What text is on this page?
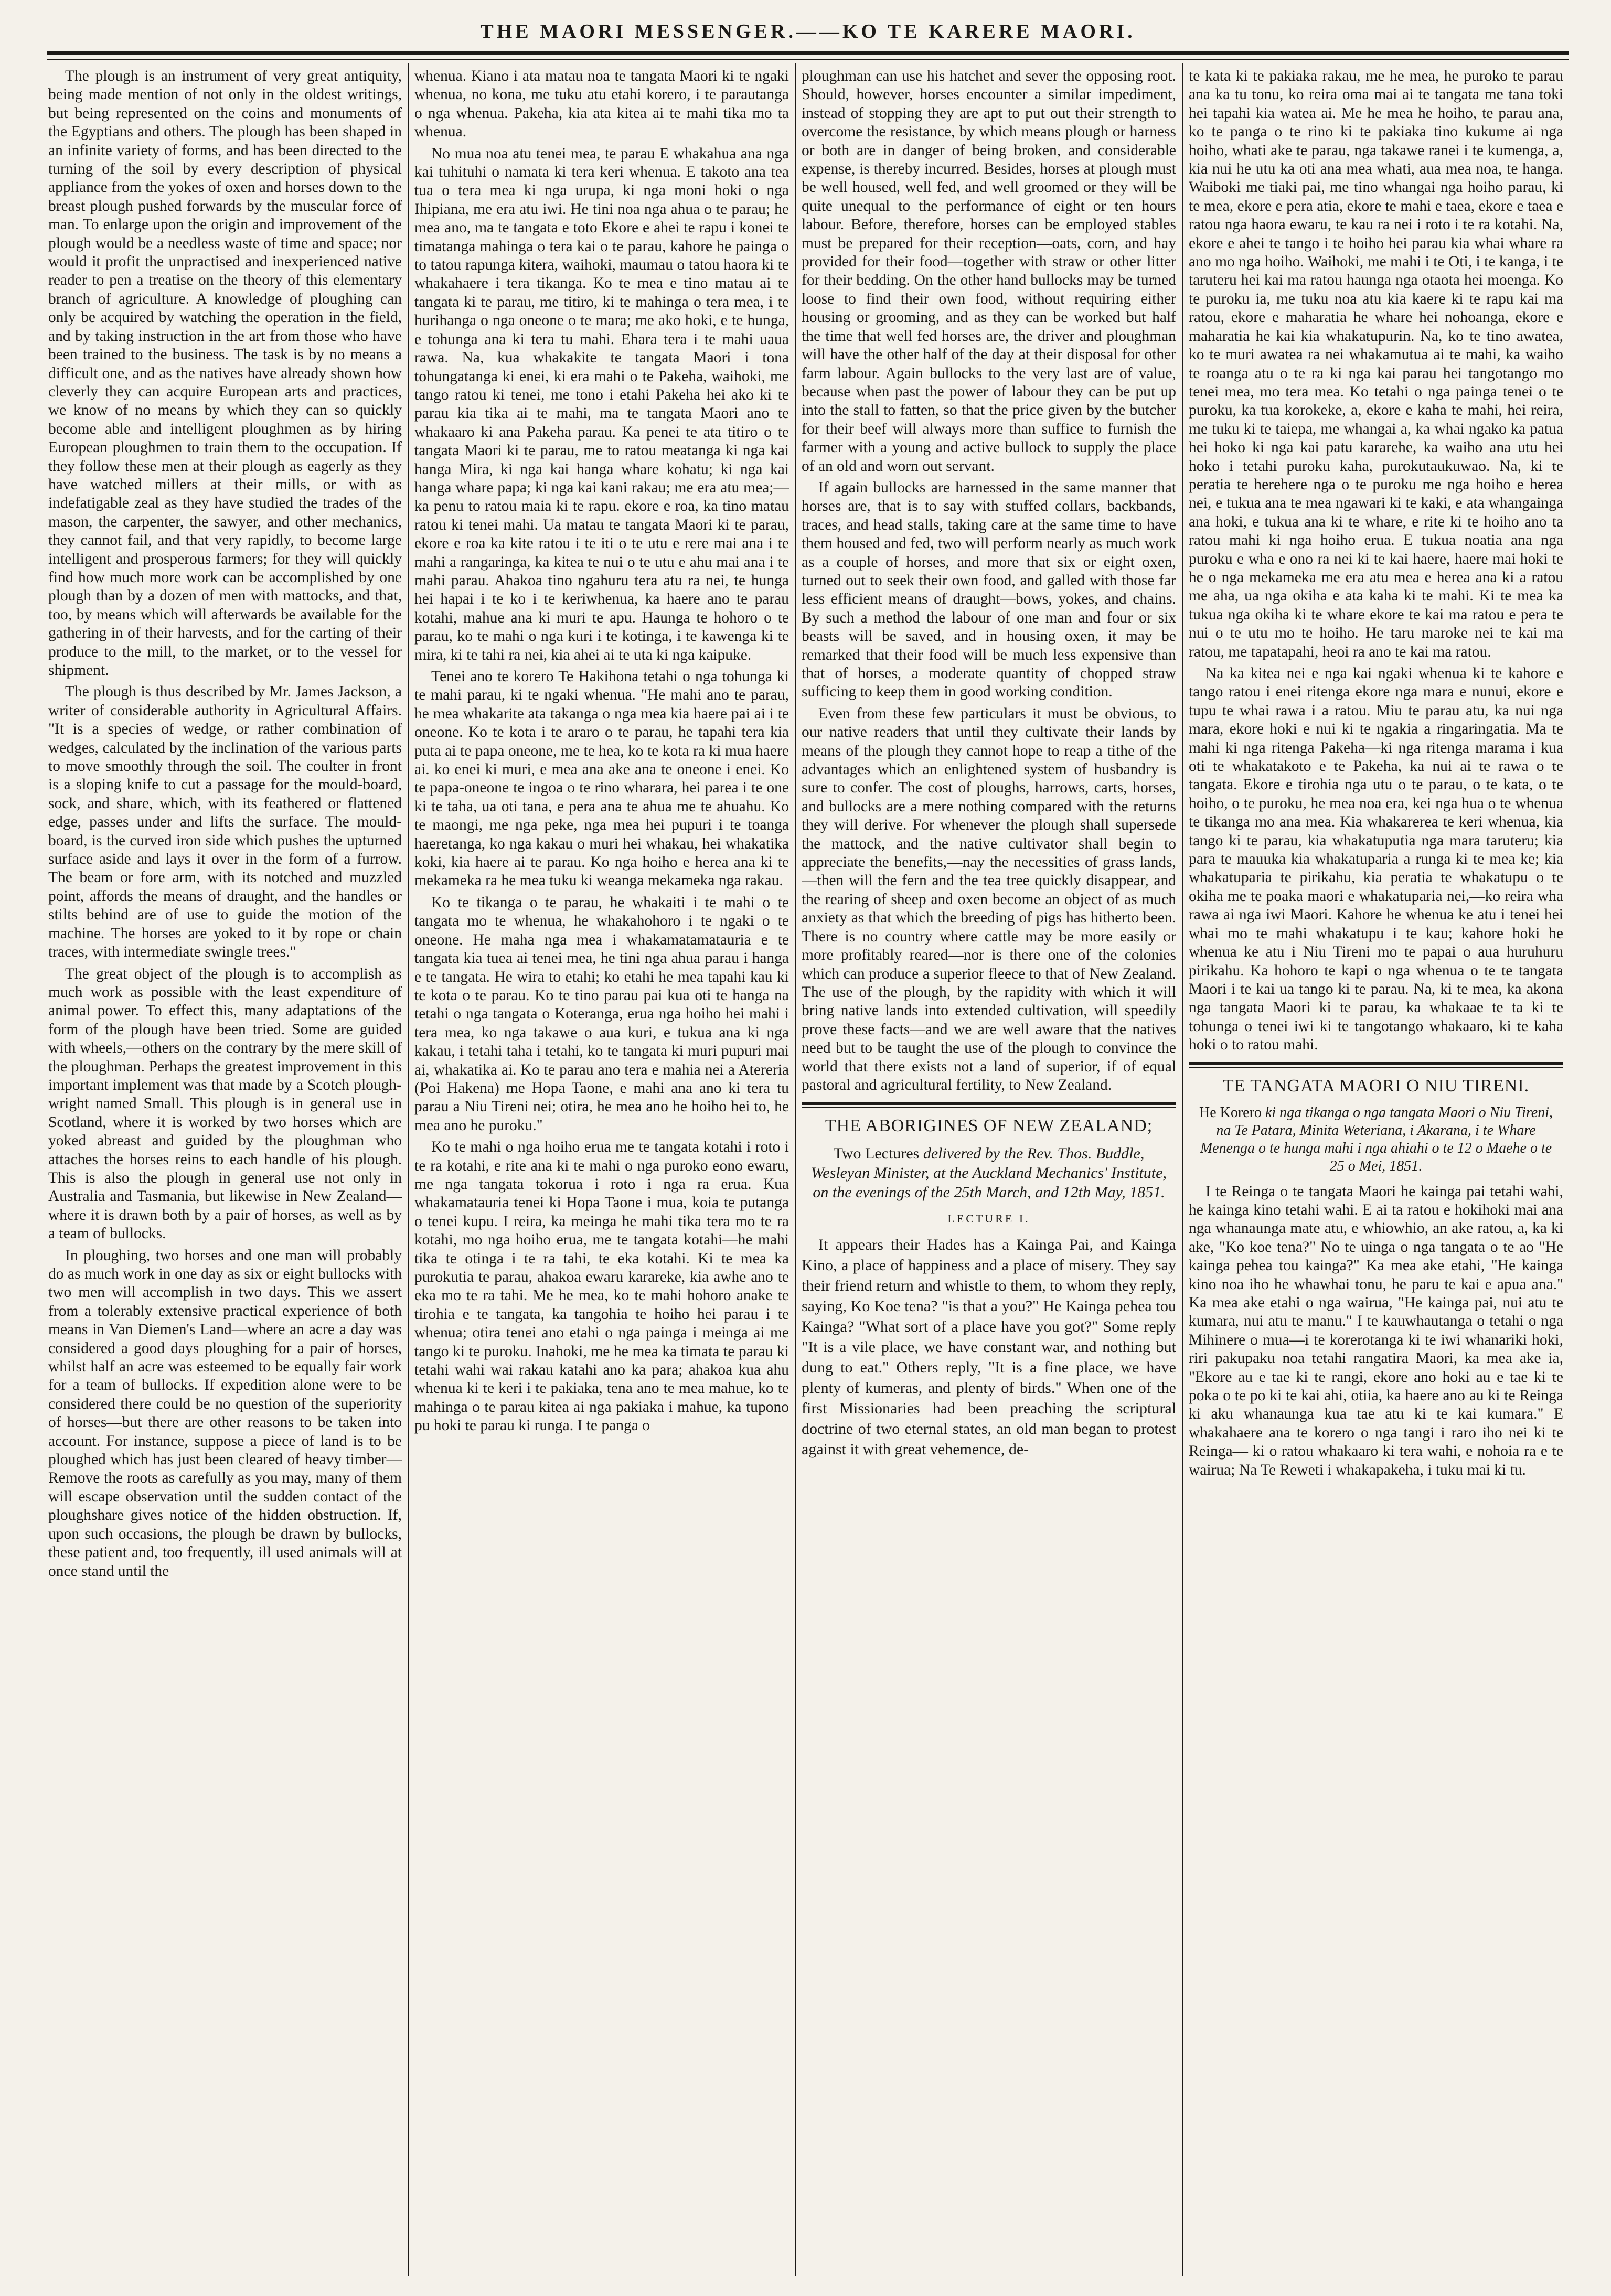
THE MAORI MESSENGER.——KO TE KARERE MAORI.

The plough is an instrument of very great antiquity, being made mention of not only in the oldest writings, but being represented on the coins and monuments of the Egyptians and others. The plough has been shaped in an infinite variety of forms, and has been directed to the turning of the soil by every description of physical appliance from the yokes of oxen and horses down to the breast plough pushed forwards by the muscular force of man. To enlarge upon the origin and improvement of the plough would be a needless waste of time and space; nor would it profit the unpractised and inexperienced native reader to pen a treatise on the theory of this elementary branch of agriculture. A knowledge of ploughing can only be acquired by watching the operation in the field, and by taking instruction in the art from those who have been trained to the business. The task is by no means a difficult one, and as the natives have already shown how cleverly they can acquire European arts and practices, we know of no means by which they can so quickly become able and intelligent ploughmen as by hiring European ploughmen to train them to the occupation. If they follow these men at their plough as eagerly as they have watched millers at their mills, or with as indefatigable zeal as they have studied the trades of the mason, the carpenter, the sawyer, and other mechanics, they cannot fail, and that very rapidly, to become large intelligent and prosperous farmers; for they will quickly find how much more work can be accomplished by one plough than by a dozen of men with mattocks, and that, too, by means which will afterwards be available for the gathering in of their harvests, and for the carting of their produce to the mill, to the market, or to the vessel for shipment.

The plough is thus described by Mr. James Jackson, a writer of considerable authority in Agricultural Affairs. "It is a species of wedge, or rather combination of wedges, calculated by the inclination of the various parts to move smoothly through the soil. The coulter in front is a sloping knife to cut a passage for the mould-board, sock, and share, which, with its feathered or flattened edge, passes under and lifts the surface. The mould-board, is the curved iron side which pushes the upturned surface aside and lays it over in the form of a furrow. The beam or fore arm, with its notched and muzzled point, affords the means of draught, and the handles or stilts behind are of use to guide the motion of the machine. The horses are yoked to it by rope or chain traces, with intermediate swingle trees."

The great object of the plough is to accomplish as much work as possible with the least expenditure of animal power. To effect this, many adaptations of the form of the plough have been tried. Some are guided with wheels,—others on the contrary by the mere skill of the ploughman. Perhaps the greatest improvement in this important implement was that made by a Scotch plough-wright named Small. This plough is in general use in Scotland, where it is worked by two horses which are yoked abreast and guided by the ploughman who attaches the horses reins to each handle of his plough. This is also the plough in general use not only in Australia and Tasmania, but likewise in New Zealand—where it is drawn both by a pair of horses, as well as by a team of bullocks.

In ploughing, two horses and one man will probably do as much work in one day as six or eight bullocks with two men will accomplish in two days. This we assert from a tolerably extensive practical experience of both means in Van Diemen's Land—where an acre a day was considered a good days ploughing for a pair of horses, whilst half an acre was esteemed to be equally fair work for a team of bullocks. If expedition alone were to be considered there could be no question of the superiority of horses—but there are other reasons to be taken into account. For instance, suppose a piece of land is to be ploughed which has just been cleared of heavy timber—Remove the roots as carefully as you may, many of them will escape observation until the sudden contact of the ploughshare gives notice of the hidden obstruction. If, upon such occasions, the plough be drawn by bullocks, these patient and, too frequently, ill used animals will at once stand until the

whenua. Kiano i ata matau noa te tangata Maori ki te ngaki whenua, no kona, me tuku atu etahi korero, i te parautanga o nga whenua. Pakeha, kia ata kitea ai te mahi tika mo ta whenua.

No mua noa atu tenei mea, te parau E whakahua ana nga kai tuhituhi o namata ki tera keri whenua. E takoto ana tea tua o tera mea ki nga urupa, ki nga moni hoki o nga Ihipiana, me era atu iwi. He tini noa nga ahua o te parau; he mea ano, ma te tangata e toto Ekore e ahei te rapu i konei te timatanga mahinga o tera kai o te parau, kahore he painga o to tatou rapunga kitera, waihoki, maumau o tatou haora ki te whakahaere i tera tikanga. Ko te mea e tino matau ai te tangata ki te parau, me titiro, ki te mahinga o tera mea, i te hurihanga o nga oneone o te mara; me ako hoki, e te hunga, e tohunga ana ki tera tu mahi. Ehara tera i te mahi uaua rawa. Na, kua whakakite te tangata Maori i tona tohungatanga ki enei, ki era mahi o te Pakeha, waihoki, me tango ratou ki tenei, me tono i etahi Pakeha hei ako ki te parau kia tika ai te mahi, ma te tangata Maori ano te whakaaro ki ana Pakeha parau. Ka penei te ata titiro o te tangata Maori ki te parau, me to ratou meatanga ki nga kai hanga Mira, ki nga kai hanga whare kohatu; ki nga kai hanga whare papa; ki nga kai kani rakau; me era atu mea;—ka penu to ratou maia ki te rapu. ekore e roa, ka tino matau ratou ki tenei mahi. Ua matau te tangata Maori ki te parau, ekore e roa ka kite ratou i te iti o te utu e rere mai ana i te mahi a rangaringa, ka kitea te nui o te utu e ahu mai ana i te mahi parau. Ahakoa tino ngahuru tera atu ra nei, te hunga hei hapai i te ko i te keriwhenua, ka haere ano te parau kotahi, mahue ana ki muri te apu. Haunga te hohoro o te parau, ko te mahi o nga kuri i te kotinga, i te kawenga ki te mira, ki te tahi ra nei, kia ahei ai te uta ki nga kaipuke.

Tenei ano te korero Te Hakihona tetahi o nga tohunga ki te mahi parau, ki te ngaki whenua. "He mahi ano te parau, he mea whakarite ata takanga o nga mea kia haere pai ai i te oneone. Ko te kota i te araro o te parau, he tapahi tera kia puta ai te papa oneone, me te hea, ko te kota ra ki mua haere ai. ko enei ki muri, e mea ana ake ana te oneone i enei. Ko te papa-oneone te ingoa o te rino wharara, hei parea i te one ki te taha, ua oti tana, e pera ana te ahua me te ahuahu. Ko te maongi, me nga peke, nga mea hei pupuri i te toanga haeretanga, ko nga kakau o muri hei whakau, hei whakatika koki, kia haere ai te parau. Ko nga hoiho e herea ana ki te mekameka ra he mea tuku ki weanga mekameka nga rakau.

Ko te tikanga o te parau, he whakaiti i te mahi o te tangata mo te whenua, he whakahohoro i te ngaki o te oneone. He maha nga mea i whakamatamatauria e te tangata kia tuea ai tenei mea, he tini nga ahua parau i hanga e te tangata. He wira to etahi; ko etahi he mea tapahi kau ki te kota o te parau. Ko te tino parau pai kua oti te hanga na tetahi o nga tangata o Koteranga, erua nga hoiho hei mahi i tera mea, ko nga takawe o aua kuri, e tukua ana ki nga kakau, i tetahi taha i tetahi, ko te tangata ki muri pupuri mai ai, whakatika ai. Ko te parau ano tera e mahia nei a Atereria (Poi Hakena) me Hopa Taone, e mahi ana ano ki tera tu parau a Niu Tireni nei; otira, he mea ano he hoiho hei to, he mea ano he puroku."

Ko te mahi o nga hoiho erua me te tangata kotahi i roto i te ra kotahi, e rite ana ki te mahi o nga puroko eono ewaru, me nga tangata tokorua i roto i nga ra erua. Kua whakamatauria tenei ki Hopa Taone i mua, koia te putanga o tenei kupu. I reira, ka meinga he mahi tika tera mo te ra kotahi, mo nga hoiho erua, me te tangata kotahi—he mahi tika te otinga i te ra tahi, te eka kotahi. Ki te mea ka purokutia te parau, ahakoa ewaru karareke, kia awhe ano te eka mo te ra tahi. Me he mea, ko te mahi hohoro anake te tirohia e te tangata, ka tangohia te hoiho hei parau i te whenua; otira tenei ano etahi o nga painga i meinga ai me tango ki te puroku. Inahoki, me he mea ka timata te parau ki tetahi wahi wai rakau katahi ano ka para; ahakoa kua ahu whenua ki te keri i te pakiaka, tena ano te mea mahue, ko te mahinga o te parau kitea ai nga pakiaka i mahue, ka tupono pu hoki te parau ki runga. I te panga o

ploughman can use his hatchet and sever the opposing root. Should, however, horses encounter a similar impediment, instead of stopping they are apt to put out their strength to overcome the resistance, by which means plough or harness or both are in danger of being broken, and considerable expense, is thereby incurred. Besides, horses at plough must be well housed, well fed, and well groomed or they will be quite unequal to the performance of eight or ten hours labour. Before, therefore, horses can be employed stables must be prepared for their reception—oats, corn, and hay provided for their food—together with straw or other litter for their bedding. On the other hand bullocks may be turned loose to find their own food, without requiring either housing or grooming, and as they can be worked but half the time that well fed horses are, the driver and ploughman will have the other half of the day at their disposal for other farm labour. Again bullocks to the very last are of value, because when past the power of labour they can be put up into the stall to fatten, so that the price given by the butcher for their beef will always more than suffice to furnish the farmer with a young and active bullock to supply the place of an old and worn out servant.

If again bullocks are harnessed in the same manner that horses are, that is to say with stuffed collars, backbands, traces, and head stalls, taking care at the same time to have them housed and fed, two will perform nearly as much work as a couple of horses, and more that six or eight oxen, turned out to seek their own food, and galled with those far less efficient means of draught—bows, yokes, and chains. By such a method the labour of one man and four or six beasts will be saved, and in housing oxen, it may be remarked that their food will be much less expensive than that of horses, a moderate quantity of chopped straw sufficing to keep them in good working condition.

Even from these few particulars it must be obvious, to our native readers that until they cultivate their lands by means of the plough they cannot hope to reap a tithe of the advantages which an enlightened system of husbandry is sure to confer. The cost of ploughs, harrows, carts, horses, and bullocks are a mere nothing compared with the returns they will derive. For whenever the plough shall supersede the mattock, and the native cultivator shall begin to appreciate the benefits,—nay the necessities of grass lands,—then will the fern and the tea tree quickly disappear, and the rearing of sheep and oxen become an object of as much anxiety as that which the breeding of pigs has hitherto been. There is no country where cattle may be more easily or more profitably reared—nor is there one of the colonies which can produce a superior fleece to that of New Zealand. The use of the plough, by the rapidity with which it will bring native lands into extended cultivation, will speedily prove these facts—and we are well aware that the natives need but to be taught the use of the plough to convince the world that there exists not a land of superior, if of equal pastoral and agricultural fertility, to New Zealand.

THE ABORIGINES OF NEW ZEALAND;
Two Lectures delivered by the Rev. Thos. Buddle, Wesleyan Minister, at the Auckland Mechanics' Institute, on the evenings of the 25th March, and 12th May, 1851.
LECTURE I.

It appears their Hades has a Kainga Pai, and Kainga Kino, a place of happiness and a place of misery. They say their friend return and whistle to them, to whom they reply, saying, Ko Koe tena? "is that a you?" He Kainga pehea tou Kainga? "What sort of a place have you got?" Some reply "It is a vile place, we have constant war, and nothing but dung to eat." Others reply, "It is a fine place, we have plenty of kumeras, and plenty of birds." When one of the first Missionaries had been preaching the scriptural doctrine of two eternal states, an old man began to protest against it with great vehemence, de-

te kata ki te pakiaka rakau, me he mea, he puroko te parau ana ka tu tonu, ko reira oma mai ai te tangata me tana toki hei tapahi kia watea ai. Me he mea he hoiho, te parau ana, ko te panga o te rino ki te pakiaka tino kukume ai nga hoiho, whati ake te parau, nga takawe ranei i te kumenga, a, kia nui he utu ka oti ana mea whati, aua mea noa, te hanga. Waiboki me tiaki pai, me tino whangai nga hoiho parau, ki te mea, ekore e pera atia, ekore te mahi e taea, ekore e taea e ratou nga haora ewaru, te kau ra nei i roto i te ra kotahi. Na, ekore e ahei te tango i te hoiho hei parau kia whai whare ra ano mo nga hoiho. Waihoki, me mahi i te Oti, i te kanga, i te taruteru hei kai ma ratou haunga nga otaota hei moenga. Ko te puroku ia, me tuku noa atu kia kaere ki te rapu kai ma ratou, ekore e maharatia he whare hei nohoanga, ekore e maharatia he kai kia whakatupurin. Na, ko te tino awatea, ko te muri awatea ra nei whakamutua ai te mahi, ka waiho te roanga atu o te ra ki nga kai parau hei tangotango mo tenei mea, mo tera mea. Ko tetahi o nga painga tenei o te puroku, ka tua korokeke, a, ekore e kaha te mahi, hei reira, me tuku ki te taiepa, me whangai a, ka whai ngako ka patua hei hoko ki nga kai patu kararehe, ka waiho ana utu hei hoko i tetahi puroku kaha, purokutaukuwao. Na, ki te peratia te herehere nga o te puroku me nga hoiho e herea nei, e tukua ana te mea ngawari ki te kaki, e ata whangainga ana hoki, e tukua ana ki te whare, e rite ki te hoiho ano ta ratou mahi ki nga hoiho erua. E tukua noatia ana nga puroku e wha e ono ra nei ki te kai haere, haere mai hoki te he o nga mekameka me era atu mea e herea ana ki a ratou me aha, ua nga okiha e ata kaha ki te mahi. Ki te mea ka tukua nga okiha ki te whare ekore te kai ma ratou e pera te nui o te utu mo te hoiho. He taru maroke nei te kai ma ratou, me tapatapahi, heoi ra ano te kai ma ratou.

Na ka kitea nei e nga kai ngaki whenua ki te kahore e tango ratou i enei ritenga ekore nga mara e nunui, ekore e tupu te whai rawa i a ratou. Miu te parau atu, ka nui nga mara, ekore hoki e nui ki te ngakia a ringaringatia. Ma te mahi ki nga ritenga Pakeha—ki nga ritenga marama i kua oti te whakatakoto e te Pakeha, ka nui ai te rawa o te tangata. Ekore e tirohia nga utu o te parau, o te kata, o te hoiho, o te puroku, he mea noa era, kei nga hua o te whenua te tikanga mo ana mea. Kia whakarerea te keri whenua, kia tango ki te parau, kia whakatuputia nga mara taruteru; kia para te mauuka kia whakatuparia a runga ki te mea ke; kia whakatuparia te pirikahu, kia peratia te whakatupu o te okiha me te poaka maori e whakatuparia nei,—ko reira wha rawa ai nga iwi Maori. Kahore he whenua ke atu i tenei hei whai mo te mahi whakatupu i te kau; kahore hoki he whenua ke atu i Niu Tireni mo te papai o aua huruhuru pirikahu. Ka hohoro te kapi o nga whenua o te te tangata Maori i te kai ua tango ki te parau. Na, ki te mea, ka akona nga tangata Maori ki te parau, ka whakaae te ta ki te tohunga o tenei iwi ki te tangotango whakaaro, ki te kaha hoki o to ratou mahi.

TE TANGATA MAORI O NIU TIRENI.
He Korero ki nga tikanga o nga tangata Maori o Niu Tireni, na Te Patara, Minita Weteriana, i Akarana, i te Whare Menenga o te hunga mahi i nga ahiahi o te 12 o Maehe o te 25 o Mei, 1851.

I te Reinga o te tangata Maori he kainga pai tetahi wahi, he kainga kino tetahi wahi. E ai ta ratou e hokihoki mai ana nga whanaunga mate atu, e whiowhio, an ake ratou, a, ka ki ake, "Ko koe tena?" No te uinga o nga tangata o te ao "He kainga pehea tou kainga?" Ka mea ake etahi, "He kainga kino noa iho he whawhai tonu, he paru te kai e apua ana." Ka mea ake etahi o nga wairua, "He kainga pai, nui atu te kumara, nui atu te manu." I te kauwhautanga o tetahi o nga Mihinere o mua—i te korerotanga ki te iwi whanariki hoki, riri pakupaku noa tetahi rangatira Maori, ka mea ake ia, "Ekore au e tae ki te rangi, ekore ano hoki au e tae ki te poka o te po ki te kai ahi, otiia, ka haere ano au ki te Reinga ki aku whanaunga kua tae atu ki te kai kumara." E whakahaere ana te korero o nga tangi i raro iho nei ki te Reinga— ki o ratou whakaaro ki tera wahi, e nohoia ra e te wairua; Na Te Reweti i whakapakeha, i tuku mai ki tu.
